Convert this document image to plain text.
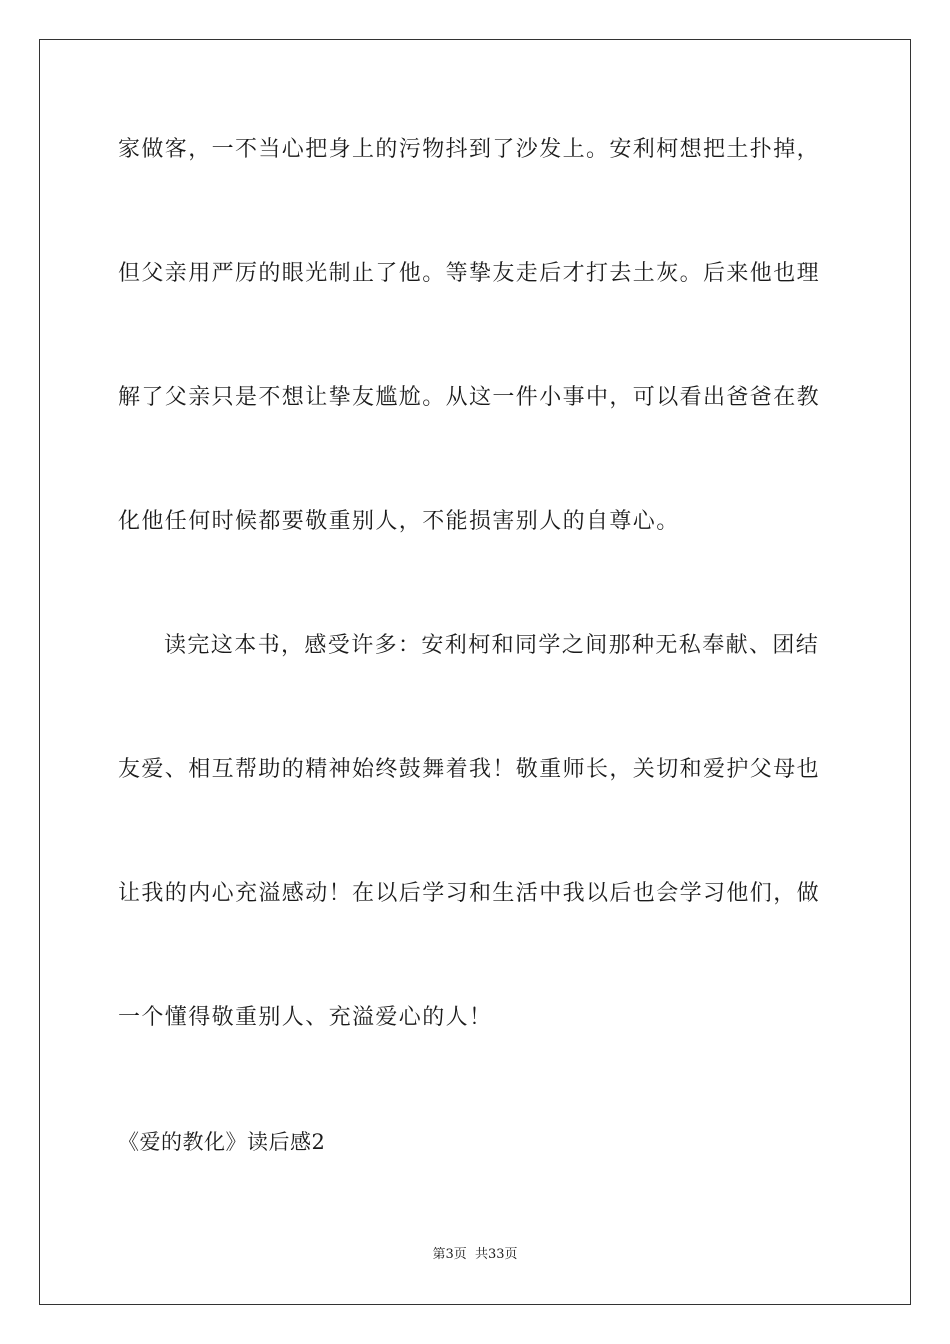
家做客，一不当心把身上的污物抖到了沙发上。安利柯想把土扑掉，
但父亲用严厉的眼光制止了他。等挚友走后才打去土灰。后来他也理
解了父亲只是不想让挚友尴尬。从这一件小事中，可以看出爸爸在教
化他任何时候都要敬重别人，不能损害别人的自尊心。
读完这本书，感受许多：安利柯和同学之间那种无私奉献、团结
友爱、相互帮助的精神始终鼓舞着我！敬重师长，关切和爱护父母也
让我的内心充溢感动！在以后学习和生活中我以后也会学习他们，做
一个懂得敬重别人、充溢爱心的人！
《爱的教化》读后感2
第3页 共33页
